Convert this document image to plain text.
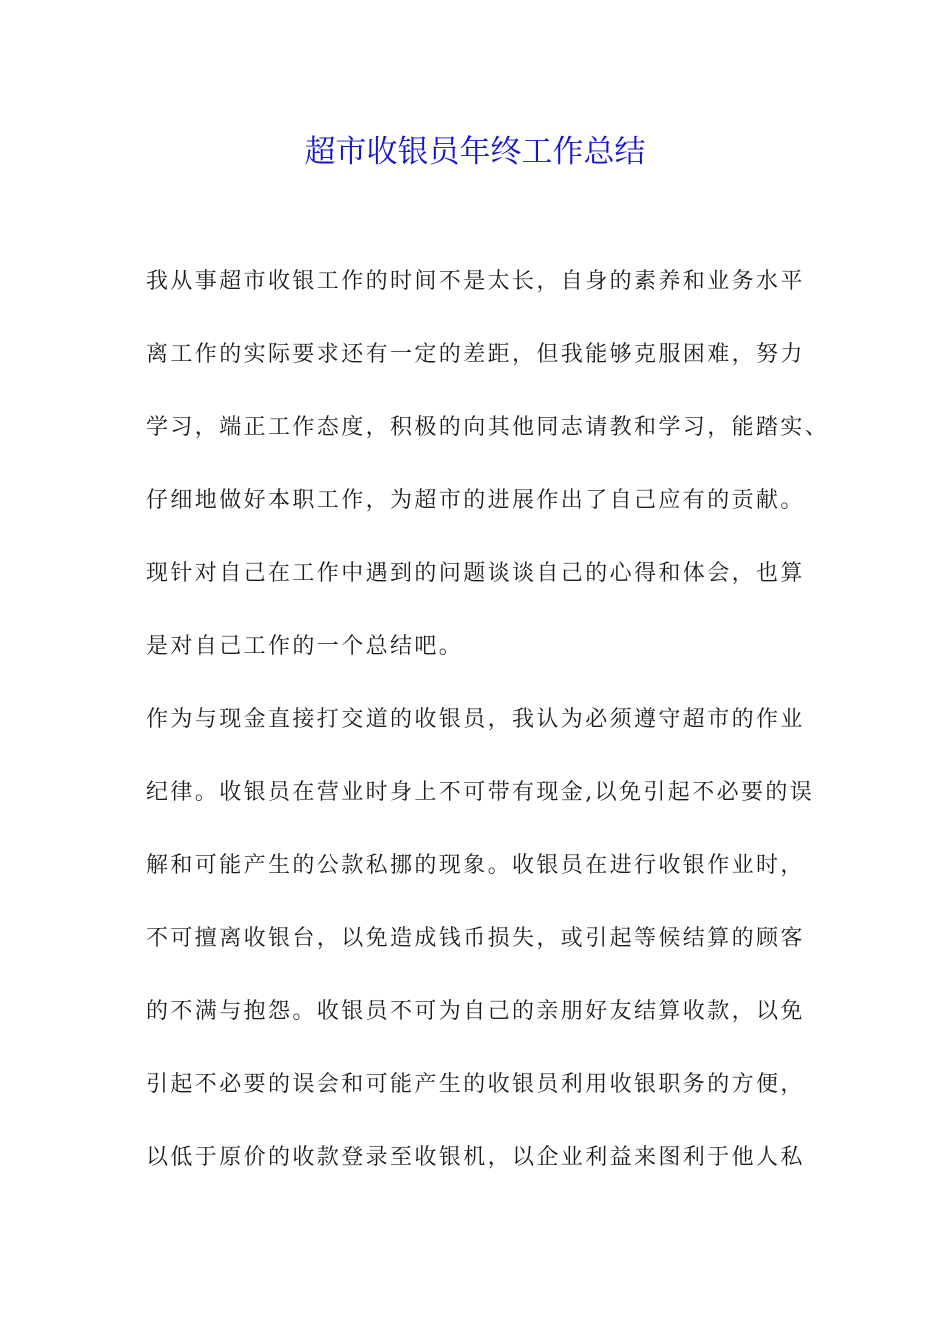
超市收银员年终工作总结

我从事超市收银工作的时间不是太长，自身的素养和业务水平

离工作的实际要求还有一定的差距，但我能够克服困难，努力

学习，端正工作态度，积极的向其他同志请教和学习，能踏实、

仔细地做好本职工作，为超市的进展作出了自己应有的贡献。

现针对自己在工作中遇到的问题谈谈自己的心得和体会，也算

是对自己工作的一个总结吧。

作为与现金直接打交道的收银员，我认为必须遵守超市的作业

纪律。收银员在营业时身上不可带有现金,以免引起不必要的误

解和可能产生的公款私挪的现象。收银员在进行收银作业时，

不可擅离收银台，以免造成钱币损失，或引起等候结算的顾客

的不满与抱怨。收银员不可为自己的亲朋好友结算收款，以免

引起不必要的误会和可能产生的收银员利用收银职务的方便，

以低于原价的收款登录至收银机，以企业利益来图利于他人私
